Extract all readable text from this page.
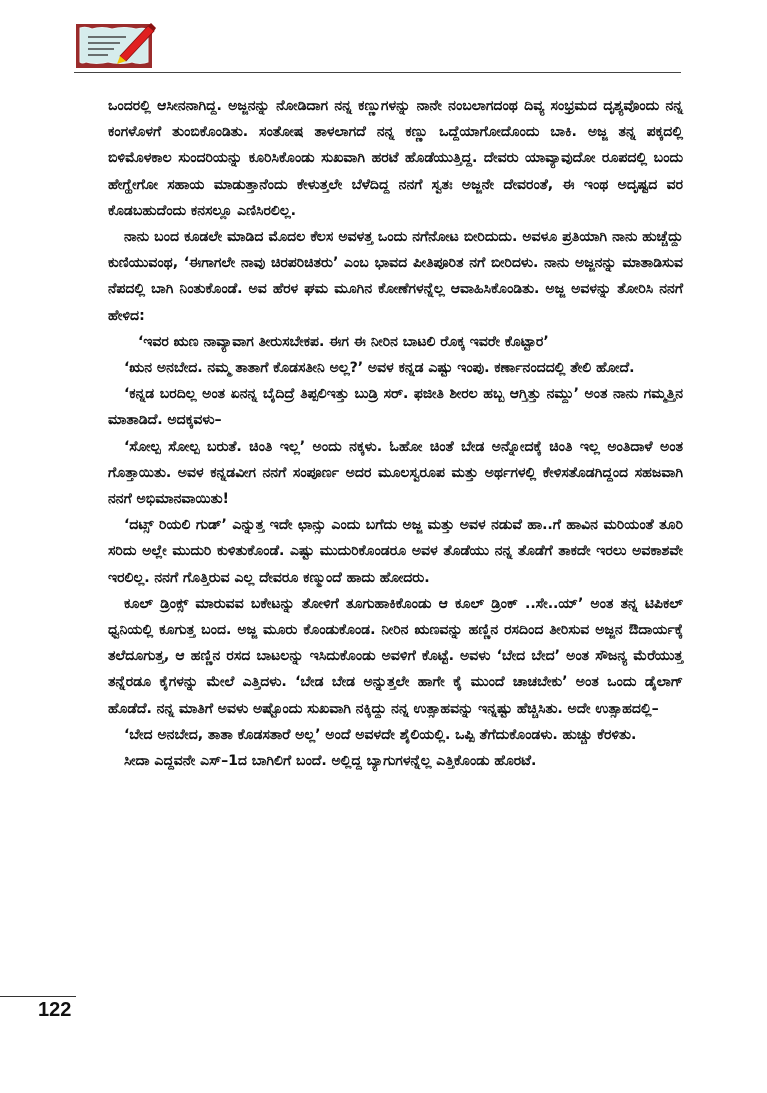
ಒಂದರಲ್ಲಿ ಆಸೀನನಾಗಿದ್ದ. ಅಜ್ಜನನ್ನು ನೋಡಿದಾಗ ನನ್ನ ಕಣ್ಣುಗಳನ್ನು ನಾನೇ ನಂಬಲಾಗದಂಥ ದಿವ್ಯ ಸಂಭ್ರಮದ ದೃಶ್ಯವೊಂದು ನನ್ನ ಕಂಗಳೊಳಗೆ ತುಂಬಿಕೊಂಡಿತು. ಸಂತೋಷ ತಾಳಲಾಗದೆ ನನ್ನ ಕಣ್ಣು ಒದ್ದೆಯಾಗೋದೊಂದು ಬಾಕಿ. ಅಜ್ಜ ತನ್ನ ಪಕ್ಕದಲ್ಲಿ ಬಿಳಿಮೊಳಕಾಲ ಸುಂದರಿಯನ್ನು ಕೂರಿಸಿಕೊಂಡು ಸುಖವಾಗಿ ಹರಟೆ ಹೊಡೆಯುತ್ತಿದ್ದ. ದೇವರು ಯಾವ್ಯಾವುದೋ ರೂಪದಲ್ಲಿ ಬಂದು ಹೇಗ್ಹೇಗೋ ಸಹಾಯ ಮಾಡುತ್ತಾನೆಂದು ಕೇಳುತ್ತಲೇ ಬೆಳೆದಿದ್ದ ನನಗೆ ಸ್ವತಃ ಅಜ್ಜನೇ ದೇವರಂತೆ, ಈ ಇಂಥ ಅದೃಷ್ಟದ ವರ ಕೊಡಬಹುದೆಂದು ಕನಸಲ್ಲೂ ಎಣಿಸಿರಲಿಲ್ಲ.

ನಾನು ಬಂದ ಕೂಡಲೇ ಮಾಡಿದ ಮೊದಲ ಕೆಲಸ ಅವಳತ್ತ ಒಂದು ನಗೆನೋಟ ಬೀರಿದುದು. ಅವಳೂ ಪ್ರತಿಯಾಗಿ ನಾನು ಹುಚ್ಚೆದ್ದು ಕುಣಿಯುವಂಥ, ‘ಈಗಾಗಲೇ ನಾವು ಚಿರಪರಿಚಿತರು’ ಎಂಬ ಭಾವದ ಪೀತಿಪೂರಿತ ನಗೆ ಬೀರಿದಳು. ನಾನು ಅಜ್ಜನನ್ನು ಮಾತಾಡಿಸುವ ನೆಪದಲ್ಲಿ ಬಾಗಿ ನಿಂತುಕೊಂಡೆ. ಅವ ಹೆರಳ ಘಮ ಮೂಗಿನ ಕೋಣೆಗಳನ್ನೆಲ್ಲ ಆವಾಹಿಸಿಕೊಂಡಿತು. ಅಜ್ಜ ಅವಳನ್ನು ತೋರಿಸಿ ನನಗೆ ಹೇಳಿದ:

‘ಇವರ ಋಣ ನಾವ್ಯಾವಾಗ ತೀರುಸಬೇಕಪ. ಈಗ ಈ ನೀರಿನ ಬಾಟಲಿ ರೊಕ್ಕ ಇವರೇ ಕೊಟ್ಟಾರ’

‘ಋನ ಅನಬೇದ. ನಮ್ಮ ತಾತಾಗೆ ಕೊಡಸತೀನಿ ಅಲ್ಲ?’ ಅವಳ ಕನ್ನಡ ಎಷ್ಟು ಇಂಪು. ಕರ್ಣಾನಂದದಲ್ಲಿ ತೇಲಿ ಹೋದೆ.

‘ಕನ್ನಡ ಬರದಿಲ್ಲ ಅಂತ ಏನನ್ನ ಬೈದಿದ್ರೆ ತಿಪ್ಪಲಿಇತ್ತು ಬುಡ್ರಿ ಸರ್. ಫಜೀತಿ ಶೀರಲ ಹಬ್ಬ ಆಗ್ತಿತ್ತು ನಮ್ದು’ ಅಂತ ನಾನು ಗಮ್ಮತ್ತಿನ ಮಾತಾಡಿದೆ. ಅದಕ್ಕವಳು–

‘ಸೋಲ್ಪ ಸೋಲ್ಪ ಬರುತೆ. ಚಿಂತಿ ಇಲ್ಲ’ ಅಂದು ನಕ್ಕಳು. ಓಹೋ ಚಿಂತೆ ಬೇಡ ಅನ್ನೋದಕ್ಕೆ ಚಿಂತಿ ಇಲ್ಲ ಅಂತಿದಾಳೆ ಅಂತ ಗೊತ್ತಾಯಿತು. ಅವಳ ಕನ್ನಡವೀಗ ನನಗೆ ಸಂಪೂರ್ಣ ಅದರ ಮೂಲಸ್ವರೂಪ ಮತ್ತು ಅರ್ಥಗಳಲ್ಲಿ ಕೇಳಿಸತೊಡಗಿದ್ದಂದ ಸಹಜವಾಗಿ ನನಗೆ ಅಭಿಮಾನವಾಯಿತು!

‘ದಟ್ಸ್ ರಿಯಲಿ ಗುಡ್’ ಎನ್ನುತ್ತ ಇದೇ ಛಾನ್ಸು ಎಂದು ಬಗೆದು ಅಜ್ಜ ಮತ್ತು ಅವಳ ನಡುವೆ ಹಾ..ಗೆ ಹಾವಿನ ಮರಿಯಂತೆ ತೂರಿ ಸರಿದು ಅಲ್ಲೇ ಮುದುರಿ ಕುಳಿತುಕೊಂಡೆ. ಎಷ್ಟು ಮುದುರಿಕೊಂಡರೂ ಅವಳ ತೊಡೆಯು ನನ್ನ ತೊಡೆಗೆ ತಾಕದೇ ಇರಲು ಅವಕಾಶವೇ ಇರಲಿಲ್ಲ. ನನಗೆ ಗೊತ್ತಿರುವ ಎಲ್ಲ ದೇವರೂ ಕಣ್ಮುಂದೆ ಹಾದು ಹೋದರು.

ಕೂಲ್ ಡ್ರಿಂಕ್ಸ್ ಮಾರುವವ ಬಕೇಟನ್ನು ತೋಳಿಗೆ ತೂಗುಹಾಕಿಕೊಂಡು ಆ ಕೂಲ್ ಡ್ರಿಂಕ್ ..ಸೇ..ಯ್’ ಅಂತ ತನ್ನ ಟಿಪಿಕಲ್ ಧ್ವನಿಯಲ್ಲಿ ಕೂಗುತ್ತ ಬಂದ. ಅಜ್ಜ ಮೂರು ಕೊಂಡುಕೊಂಡ. ನೀರಿನ ಋಣವನ್ನು ಹಣ್ಣಿನ ರಸದಿಂದ ತೀರಿಸುವ ಅಜ್ಜನ ಔದಾರ್ಯಕ್ಕೆ ತಲೆದೂಗುತ್ತ, ಆ ಹಣ್ಣಿನ ರಸದ ಬಾಟಲನ್ನು ಇಸಿದುಕೊಂಡು ಅವಳಿಗೆ ಕೊಟ್ಟೆ. ಅವಳು ‘ಬೇದ ಬೇದ’ ಅಂತ ಸೌಜನ್ಯ ಮೆರೆಯುತ್ತ ತನ್ನೆರಡೂ ಕೈಗಳನ್ನು ಮೇಲೆ ಎತ್ತಿದಳು. ‘ಬೇಡ ಬೇಡ ಅನ್ನುತ್ತಲೇ ಹಾಗೇ ಕೈ ಮುಂದೆ ಚಾಚಬೇಕು’ ಅಂತ ಒಂದು ಡೈಲಾಗ್ ಹೊಡೆದೆ. ನನ್ನ ಮಾತಿಗೆ ಅವಳು ಅಷ್ಟೊಂದು ಸುಖವಾಗಿ ನಕ್ಕಿದ್ದು ನನ್ನ ಉತ್ಸಾಹವನ್ನು ಇನ್ನಷ್ಟು ಹೆಚ್ಚಿಸಿತು. ಅದೇ ಉತ್ಸಾಹದಲ್ಲಿ–

‘ಬೇದ ಅನಬೇದ, ತಾತಾ ಕೊಡಸತಾರೆ ಅಲ್ಲ’ ಅಂದೆ ಅವಳದೇ ಶೈಲಿಯಲ್ಲಿ. ಒಪ್ಪಿ ತೆಗೆದುಕೊಂಡಳು. ಹುಚ್ಚು ಕೆರಳಿತು.

ಸೀದಾ ಎದ್ದವನೇ ಎಸ್–1ದ ಬಾಗಿಲಿಗೆ ಬಂದೆ. ಅಲ್ಲಿದ್ದ ಬ್ಯಾಗುಗಳನ್ನೆಲ್ಲ ಎತ್ತಿಕೊಂಡು ಹೊರಟೆ.

122
